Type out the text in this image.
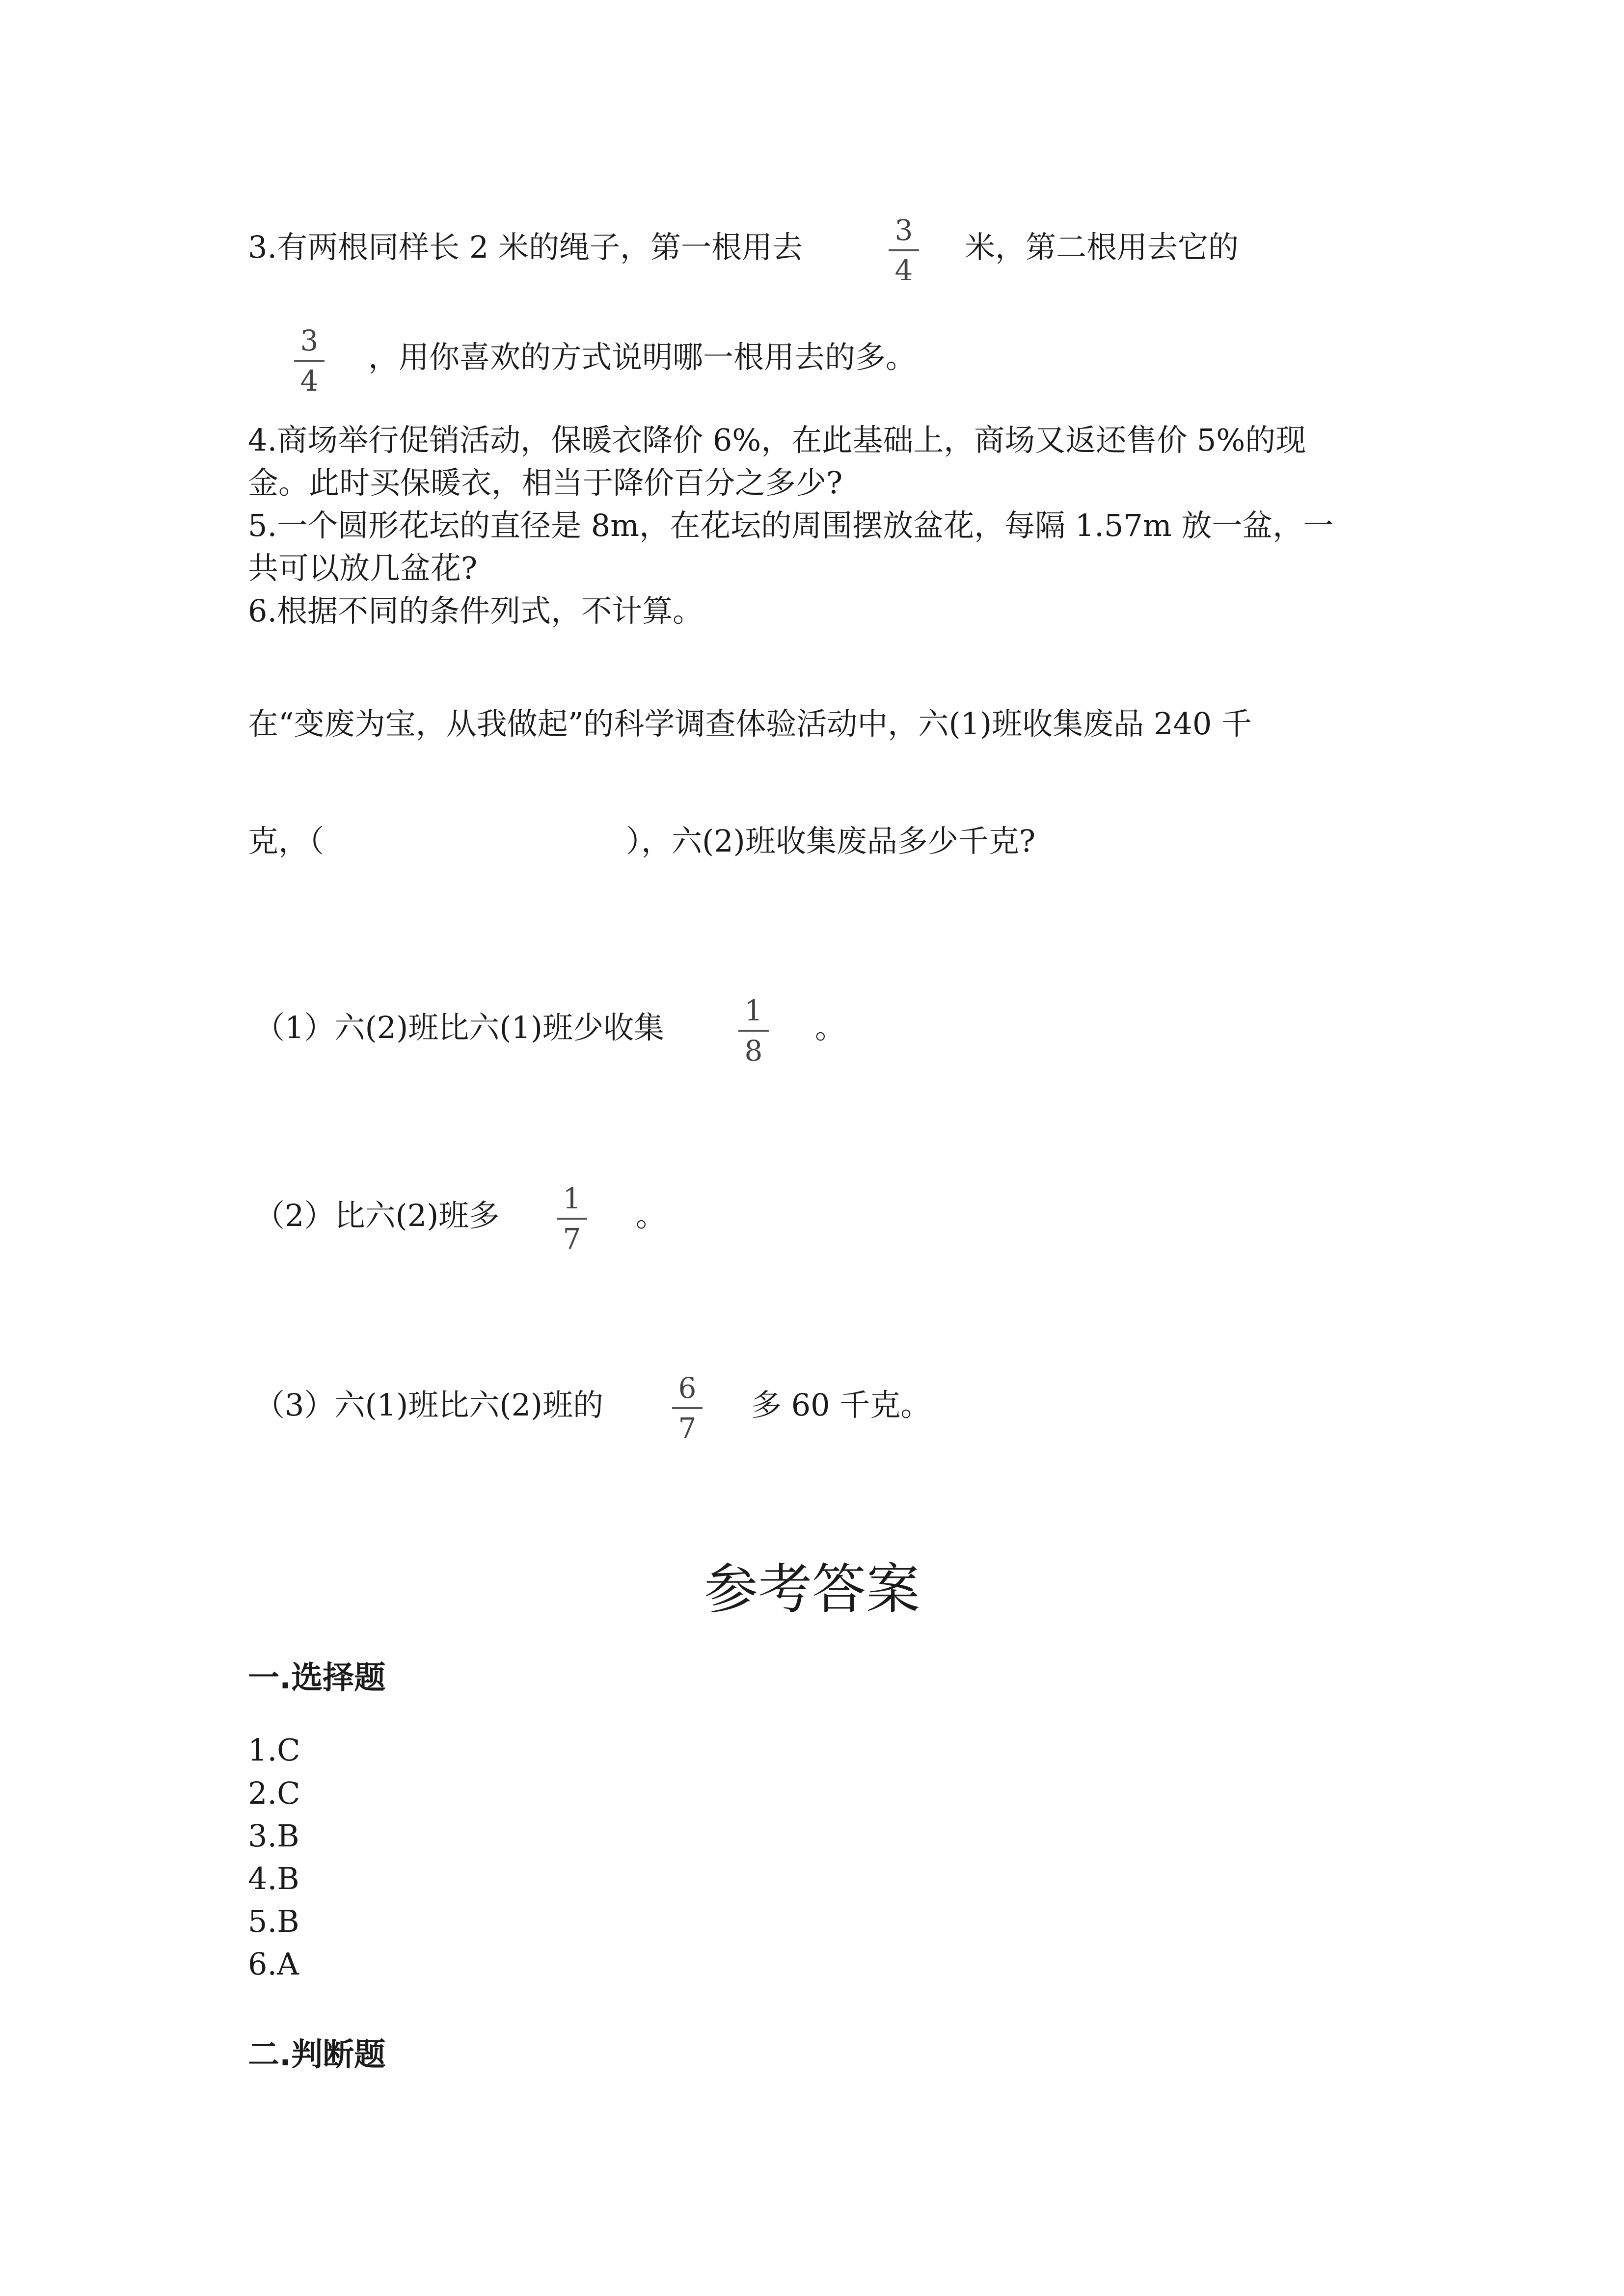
3.有两根同样长 2 米的绳子，第一根用去	3
4
米，第二根用去它的
3
4
，用你喜欢的方式说明哪一根用去的多。
4.商场举行促销活动，保暖衣降价 6%，在此基础上，商场又返还售价 5%的现
金。此时买保暖衣，相当于降价百分之多少?
5.一个圆形花坛的直径是 8m，在花坛的周围摆放盆花，每隔 1.57m 放一盆，一
共可以放几盆花?
6.根据不同的条件列式，不计算。
在“变废为宝，从我做起”的科学调查体验活动中，六(1)班收集废品 240 千
克，（	），六(2)班收集废品多少千克?
（1）六(2)班比六(1)班少收集	1
8
。
（2）比六(2)班多 1
7
。
（3）六(1)班比六(2)班的	6
7
多 60 千克。
参考答案
一.选择题
1.C
2.C
3.B
4.B
5.B
6.A
二.判断题
